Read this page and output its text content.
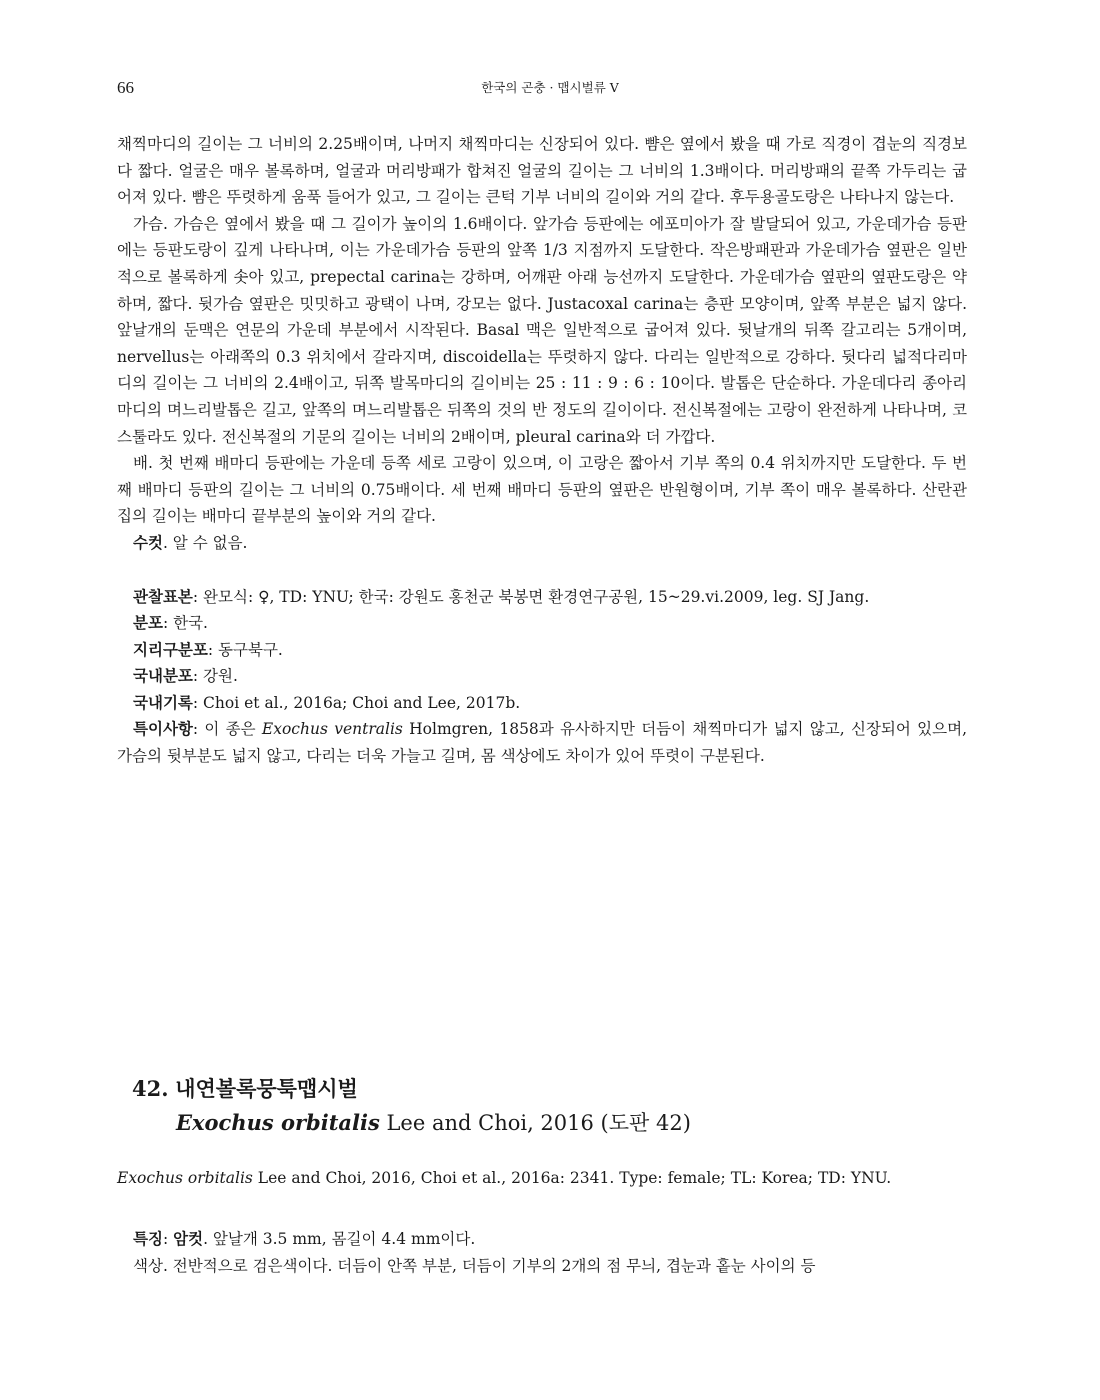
66	한국의 곤충 · 맵시벌류 V

채찍마디의 길이는 그 너비의 2.25배이며, 나머지 채찍마디는 신장되어 있다. 뺨은 옆에서 봤을 때 가로 직경이 겹눈의 직경보다 짧다. 얼굴은 매우 볼록하며, 얼굴과 머리방패가 합쳐진 얼굴의 길이는 그 너비의 1.3배이다. 머리방패의 끝쪽 가두리는 굽어져 있다. 뺨은 뚜렷하게 움푹 들어가 있고, 그 길이는 큰턱 기부 너비의 길이와 거의 같다. 후두용골도랑은 나타나지 않는다.

가슴. 가슴은 옆에서 봤을 때 그 길이가 높이의 1.6배이다. 앞가슴 등판에는 에포미아가 잘 발달되어 있고, 가운데가슴 등판에는 등판도랑이 깊게 나타나며, 이는 가운데가슴 등판의 앞쪽 1/3 지점까지 도달한다. 작은방패판과 가운데가슴 옆판은 일반적으로 볼록하게 솟아 있고, prepectal carina는 강하며, 어깨판 아래 능선까지 도달한다. 가운데가슴 옆판의 옆판도랑은 약하며, 짧다. 뒷가슴 옆판은 밋밋하고 광택이 나며, 강모는 없다. Justacoxal carina는 층판 모양이며, 앞쪽 부분은 넓지 않다. 앞날개의 둔맥은 연문의 가운데 부분에서 시작된다. Basal 맥은 일반적으로 굽어져 있다. 뒷날개의 뒤쪽 갈고리는 5개이며, nervellus는 아래쪽의 0.3 위치에서 갈라지며, discoidella는 뚜렷하지 않다. 다리는 일반적으로 강하다. 뒷다리 넓적다리마디의 길이는 그 너비의 2.4배이고, 뒤쪽 발목마디의 길이비는 25 : 11 : 9 : 6 : 10이다. 발톱은 단순하다. 가운데다리 종아리마디의 며느리발톱은 길고, 앞쪽의 며느리발톱은 뒤쪽의 것의 반 정도의 길이이다. 전신복절에는 고랑이 완전하게 나타나며, 코스툴라도 있다. 전신복절의 기문의 길이는 너비의 2배이며, pleural carina와 더 가깝다.

배. 첫 번째 배마디 등판에는 가운데 등쪽 세로 고랑이 있으며, 이 고랑은 짧아서 기부 쪽의 0.4 위치까지만 도달한다. 두 번째 배마디 등판의 길이는 그 너비의 0.75배이다. 세 번째 배마디 등판의 옆판은 반원형이며, 기부 쪽이 매우 볼록하다. 산란관집의 길이는 배마디 끝부분의 높이와 거의 같다.

수컷. 알 수 없음.

관찰표본: 완모식: ♀, TD: YNU; 한국: 강원도 홍천군 북봉면 환경연구공원, 15~29.vi.2009, leg. SJ Jang.

분포: 한국.

지리구분포: 동구북구.

국내분포: 강원.

국내기록: Choi et al., 2016a; Choi and Lee, 2017b.

특이사항: 이 종은 Exochus ventralis Holmgren, 1858과 유사하지만 더듬이 채찍마디가 넓지 않고, 신장되어 있으며, 가슴의 뒷부분도 넓지 않고, 다리는 더욱 가늘고 길며, 몸 색상에도 차이가 있어 뚜렷이 구분된다.

42. 내연볼록뭉툭맵시벌
Exochus orbitalis Lee and Choi, 2016 (도판 42)
Exochus orbitalis Lee and Choi, 2016, Choi et al., 2016a: 2341. Type: female; TL: Korea; TD: YNU.

특징: 암컷. 앞날개 3.5 mm, 몸길이 4.4 mm이다.

색상. 전반적으로 검은색이다. 더듬이 안쪽 부분, 더듬이 기부의 2개의 점 무늬, 겹눈과 홑눈 사이의 등
